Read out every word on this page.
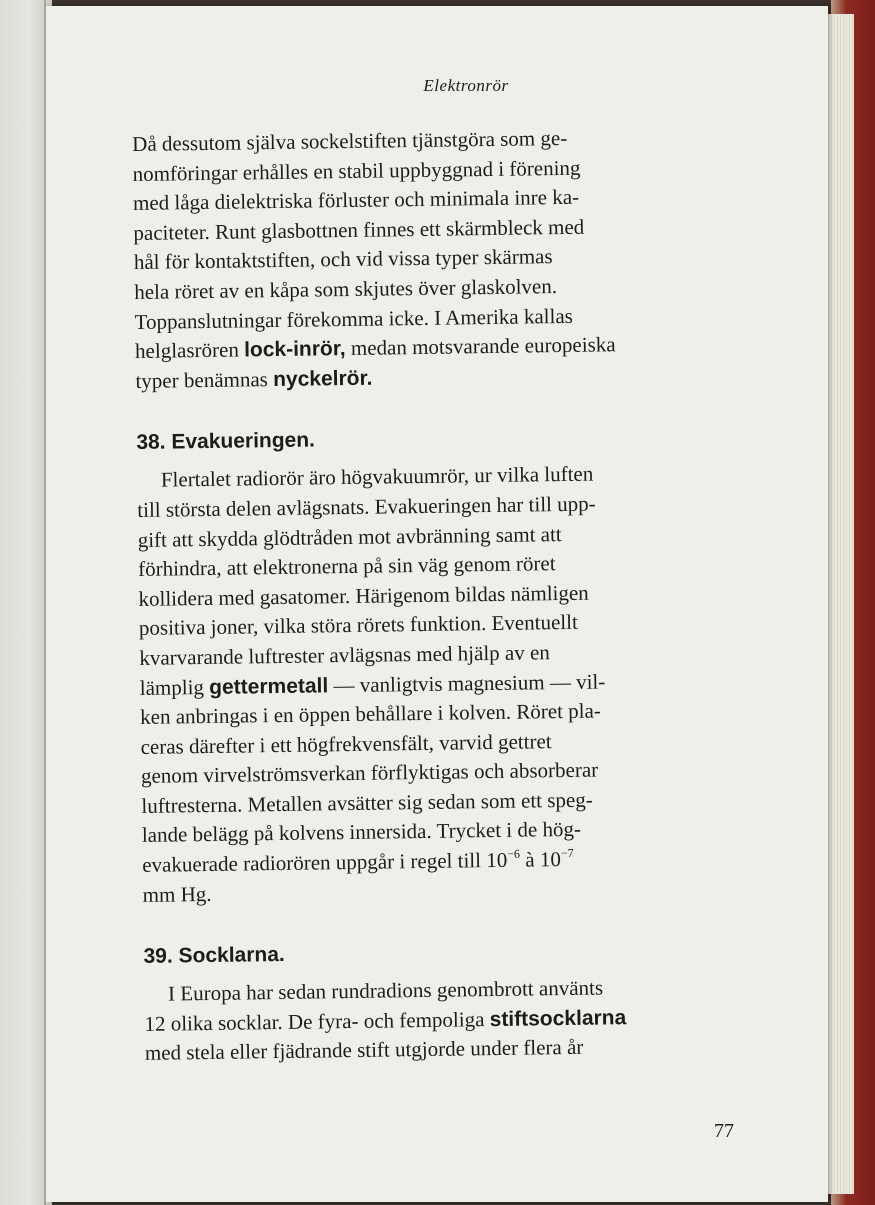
Elektronrör

Då dessutom själva sockelstiften tjänstgöra som ge-

nomföringar erhålles en stabil uppbyggnad i förening

med låga dielektriska förluster och minimala inre ka-

paciteter. Runt glasbottnen finnes ett skärmbleck med

hål för kontaktstiften, och vid vissa typer skärmas

hela röret av en kåpa som skjutes över glaskolven.

Toppanslutningar förekomma icke. I Amerika kallas

helglasrören lock-inrör, medan motsvarande europeiska

typer benämnas nyckelrör.

38. Evakueringen.

Flertalet radiorör äro högvakuumrör, ur vilka luften

till största delen avlägsnats. Evakueringen har till upp-

gift att skydda glödtråden mot avbränning samt att

förhindra, att elektronerna på sin väg genom röret

kollidera med gasatomer. Härigenom bildas nämligen

positiva joner, vilka störa rörets funktion. Eventuellt

kvarvarande luftrester avlägsnas med hjälp av en

lämplig gettermetall — vanligtvis magnesium — vil-

ken anbringas i en öppen behållare i kolven. Röret pla-

ceras därefter i ett högfrekvensfält, varvid gettret

genom virvelströmsverkan förflyktigas och absorberar

luftresterna. Metallen avsätter sig sedan som ett speg-

lande belägg på kolvens innersida. Trycket i de hög-

evakuerade radiorören uppgår i regel till $10^{-6}$ à $10^{-7}$

mm Hg.

39. Socklarna.

I Europa har sedan rundradions genombrott använts

12 olika socklar. De fyra- och fempoliga stiftsocklarna

med stela eller fjädrande stift utgjorde under flera år

77
